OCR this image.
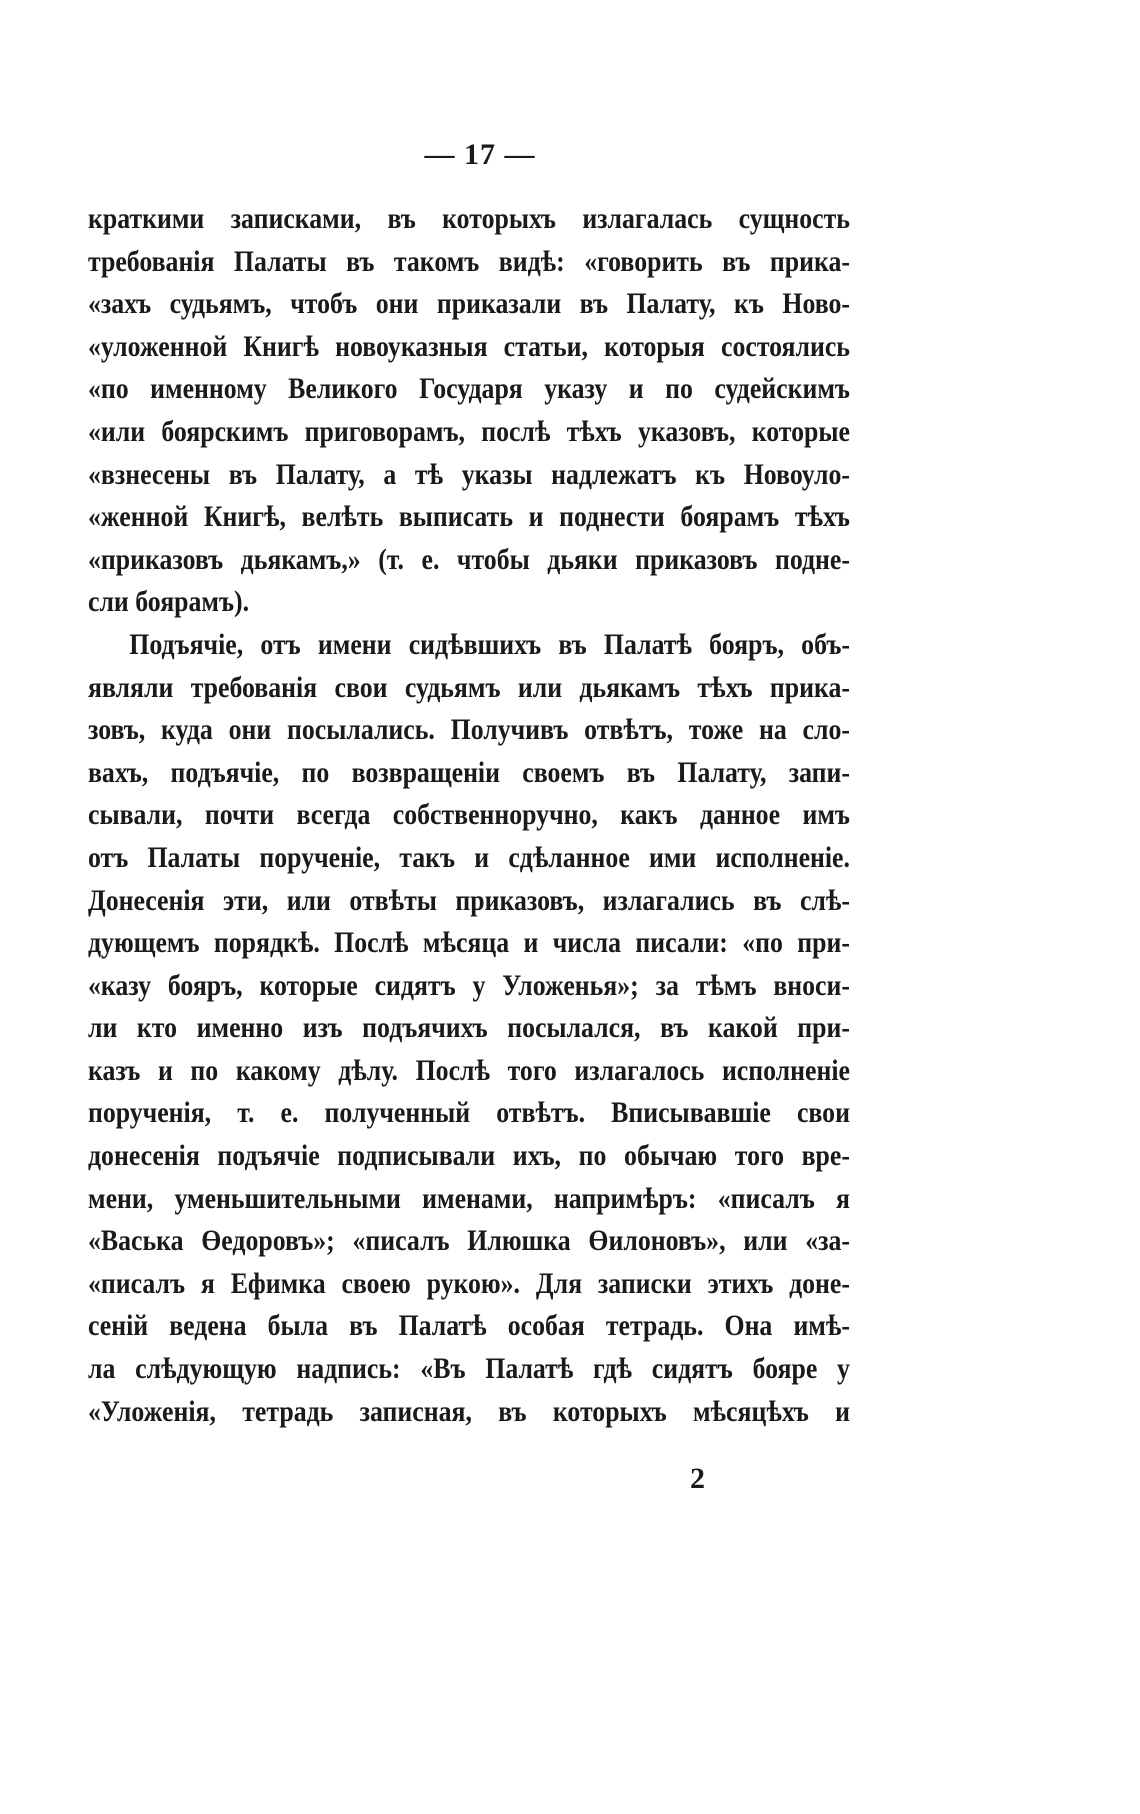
— 17 —
краткими записками, въ которыхъ излагалась сущность
требованія Палаты въ такомъ видѣ: «говорить въ прика-
«захъ судьямъ, чтобъ они приказали въ Палату, къ Ново-
«уложенной Книгѣ новоуказныя статьи, которыя состоялись
«по именному Великого Государя указу и по судейскимъ
«или боярскимъ приговорамъ, послѣ тѣхъ указовъ, которые
«взнесены въ Палату, а тѣ указы надлежатъ къ Новоуло-
«женной Книгѣ, велѣть выписать и поднести боярамъ тѣхъ
«приказовъ дьякамъ,» (т. е. чтобы дьяки приказовъ подне-
сли боярамъ).
Подъячіе, отъ имени сидѣвшихъ въ Палатѣ бояръ, объ-
являли требованія свои судьямъ или дьякамъ тѣхъ прика-
зовъ, куда они посылались. Получивъ отвѣтъ, тоже на сло-
вахъ, подъячіе, по возвращеніи своемъ въ Палату, запи-
сывали, почти всегда собственноручно, какъ данное имъ
отъ Палаты порученіе, такъ и сдѣланное ими исполненіе.
Донесенія эти, или отвѣты приказовъ, излагались въ слѣ-
дующемъ порядкѣ. Послѣ мѣсяца и числа писали: «по при-
«казу бояръ, которые сидятъ у Уложенья»; за тѣмъ вноси-
ли кто именно изъ подъячихъ посылался, въ какой при-
казъ и по какому дѣлу. Послѣ того излагалось исполненіе
порученія, т. е. полученный отвѣтъ. Вписывавшіе свои
донесенія подъячіе подписывали ихъ, по обычаю того вре-
мени, уменьшительными именами, напримѣръ: «писалъ я
«Васька Өедоровъ»; «писалъ Илюшка Өилоновъ», или «за-
«писалъ я Ефимка своею рукою». Для записки этихъ доне-
сеній ведена была въ Палатѣ особая тетрадь. Она имѣ-
ла слѣдующую надпись: «Въ Палатѣ гдѣ сидятъ бояре у
«Уложенія, тетрадь записная, въ которыхъ мѣсяцѣхъ и
2
